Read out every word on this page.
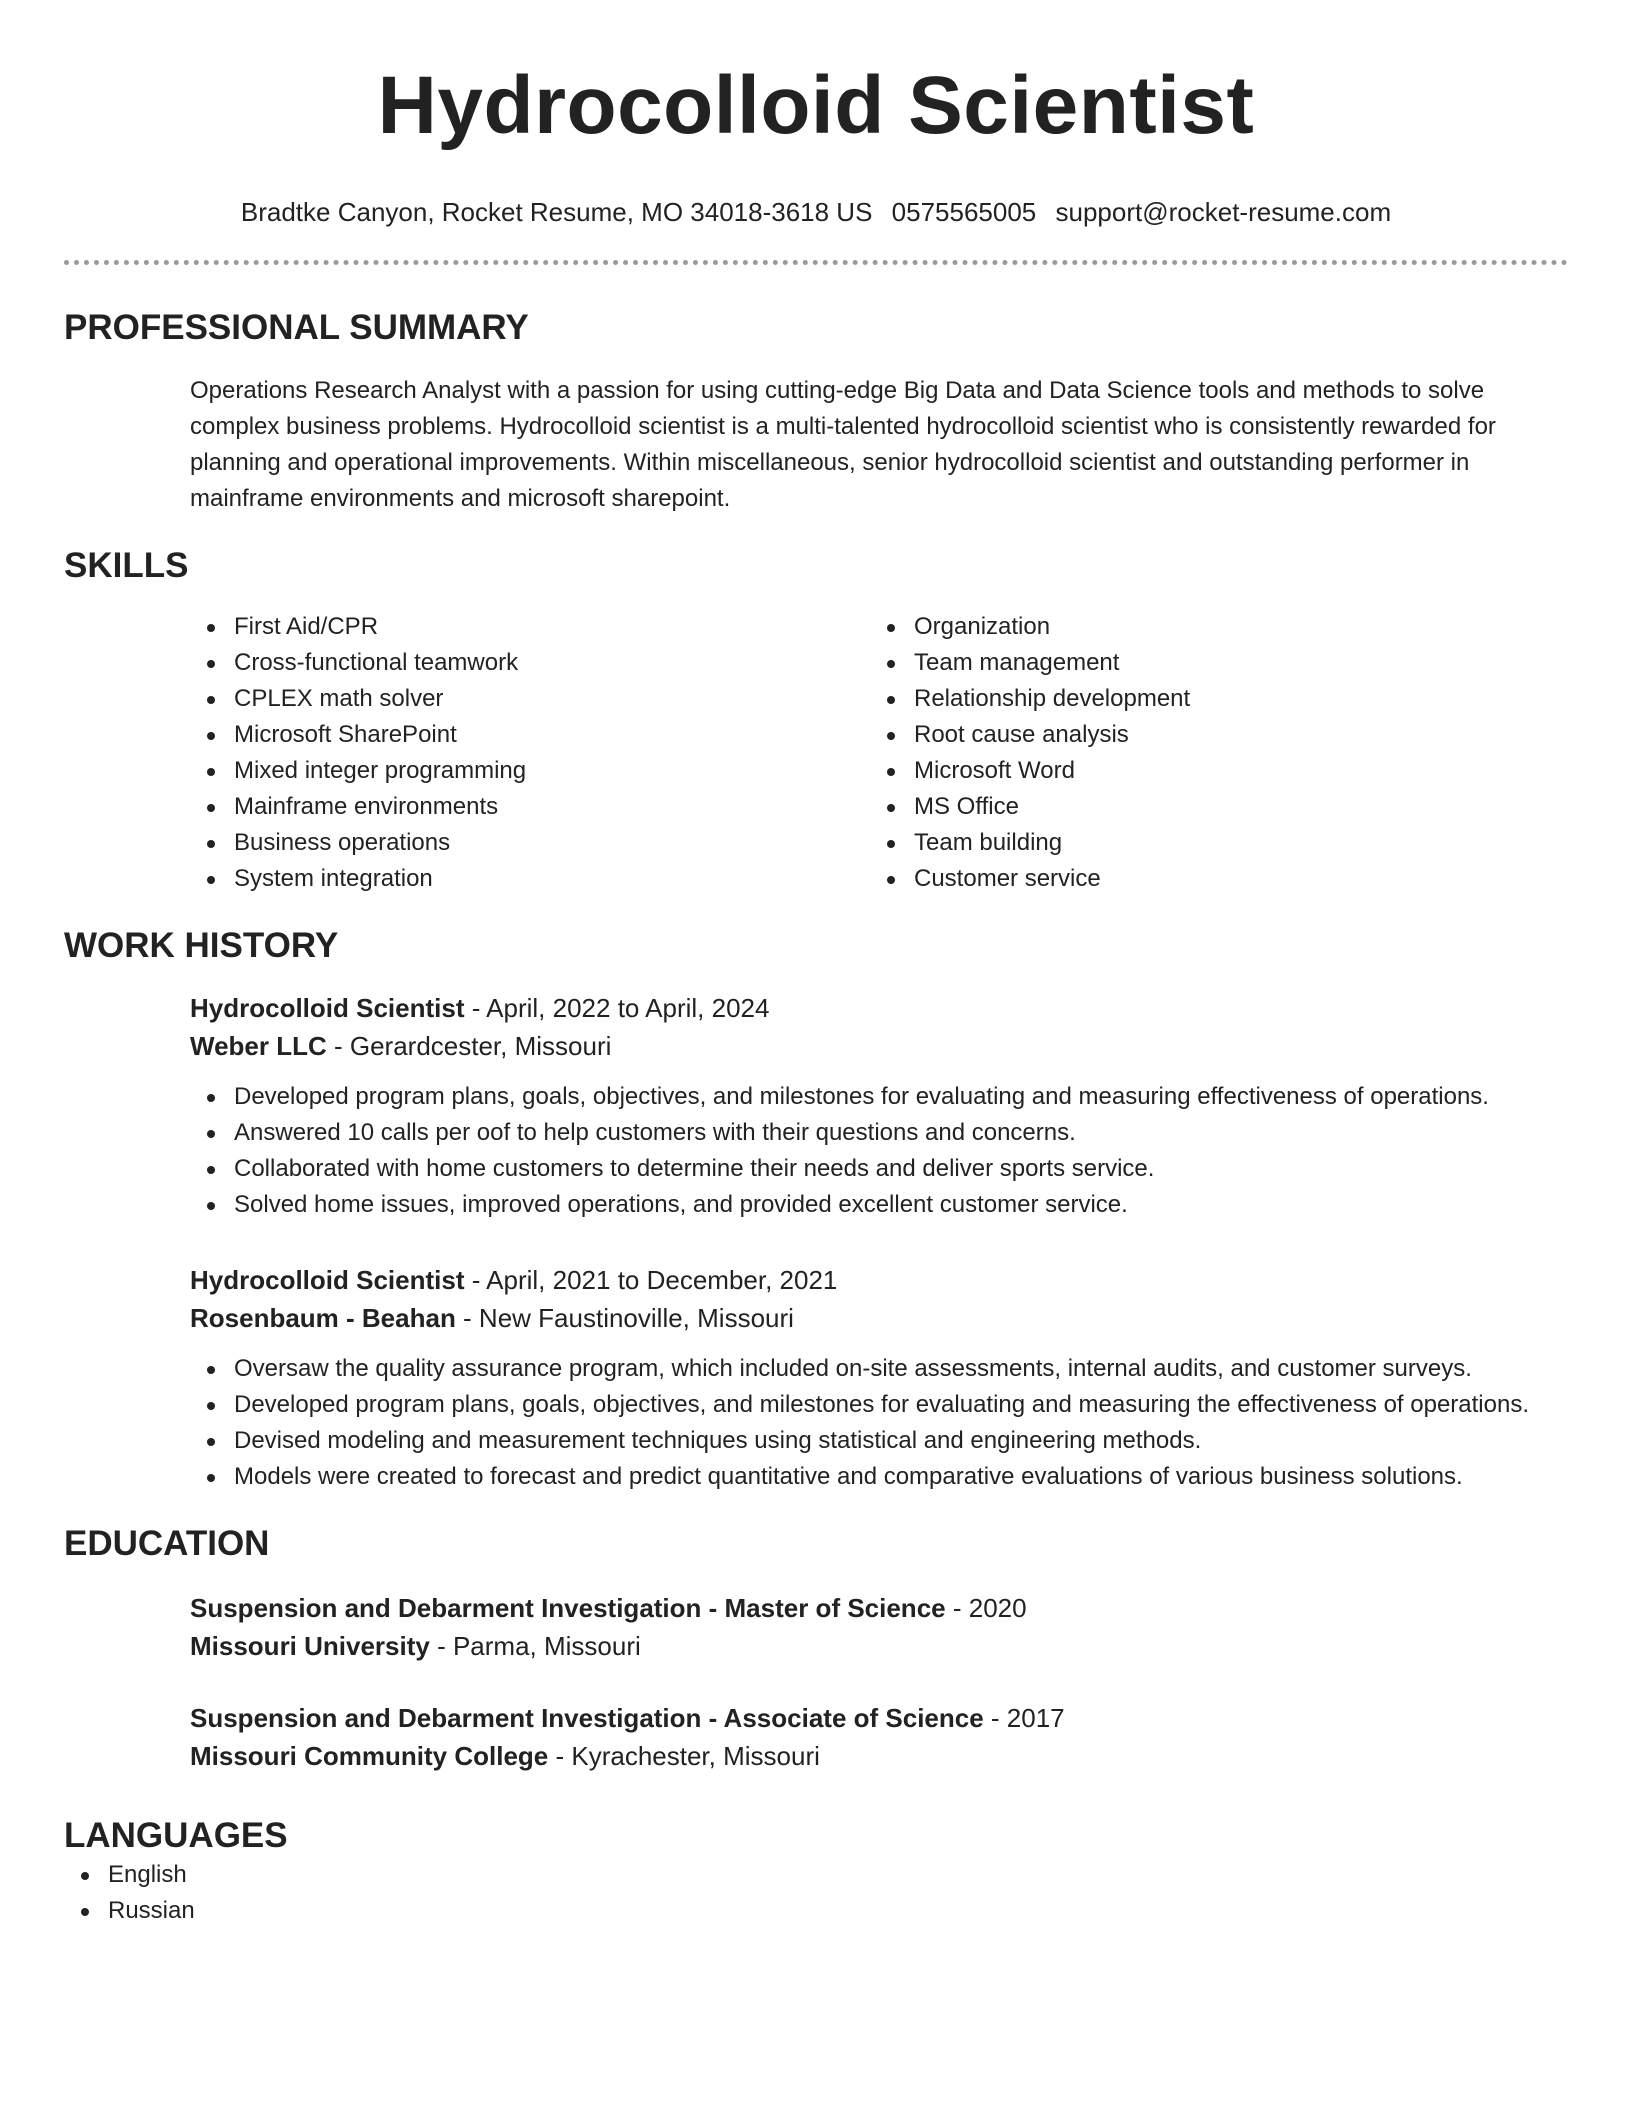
Hydrocolloid Scientist
Bradtke Canyon, Rocket Resume, MO 34018-3618 US 0575565005 support@rocket-resume.com
PROFESSIONAL SUMMARY

Operations Research Analyst with a passion for using cutting-edge Big Data and Data Science tools and methods to solve complex business problems. Hydrocolloid scientist is a multi-talented hydrocolloid scientist who is consistently rewarded for planning and operational improvements. Within miscellaneous, senior hydrocolloid scientist and outstanding performer in mainframe environments and microsoft sharepoint.

SKILLS
First Aid/CPR
Cross-functional teamwork
CPLEX math solver
Microsoft SharePoint
Mixed integer programming
Mainframe environments
Business operations
System integration
Organization
Team management
Relationship development
Root cause analysis
Microsoft Word
MS Office
Team building
Customer service
WORK HISTORY
Hydrocolloid Scientist - April, 2022 to April, 2024
Weber LLC - Gerardcester, Missouri
Developed program plans, goals, objectives, and milestones for evaluating and measuring effectiveness of operations.
Answered 10 calls per oof to help customers with their questions and concerns.
Collaborated with home customers to determine their needs and deliver sports service.
Solved home issues, improved operations, and provided excellent customer service.
Hydrocolloid Scientist - April, 2021 to December, 2021
Rosenbaum - Beahan - New Faustinoville, Missouri
Oversaw the quality assurance program, which included on-site assessments, internal audits, and customer surveys.
Developed program plans, goals, objectives, and milestones for evaluating and measuring the effectiveness of operations.
Devised modeling and measurement techniques using statistical and engineering methods.
Models were created to forecast and predict quantitative and comparative evaluations of various business solutions.
EDUCATION
Suspension and Debarment Investigation - Master of Science - 2020
Missouri University - Parma, Missouri
Suspension and Debarment Investigation - Associate of Science - 2017
Missouri Community College - Kyrachester, Missouri
LANGUAGES
English
Russian
